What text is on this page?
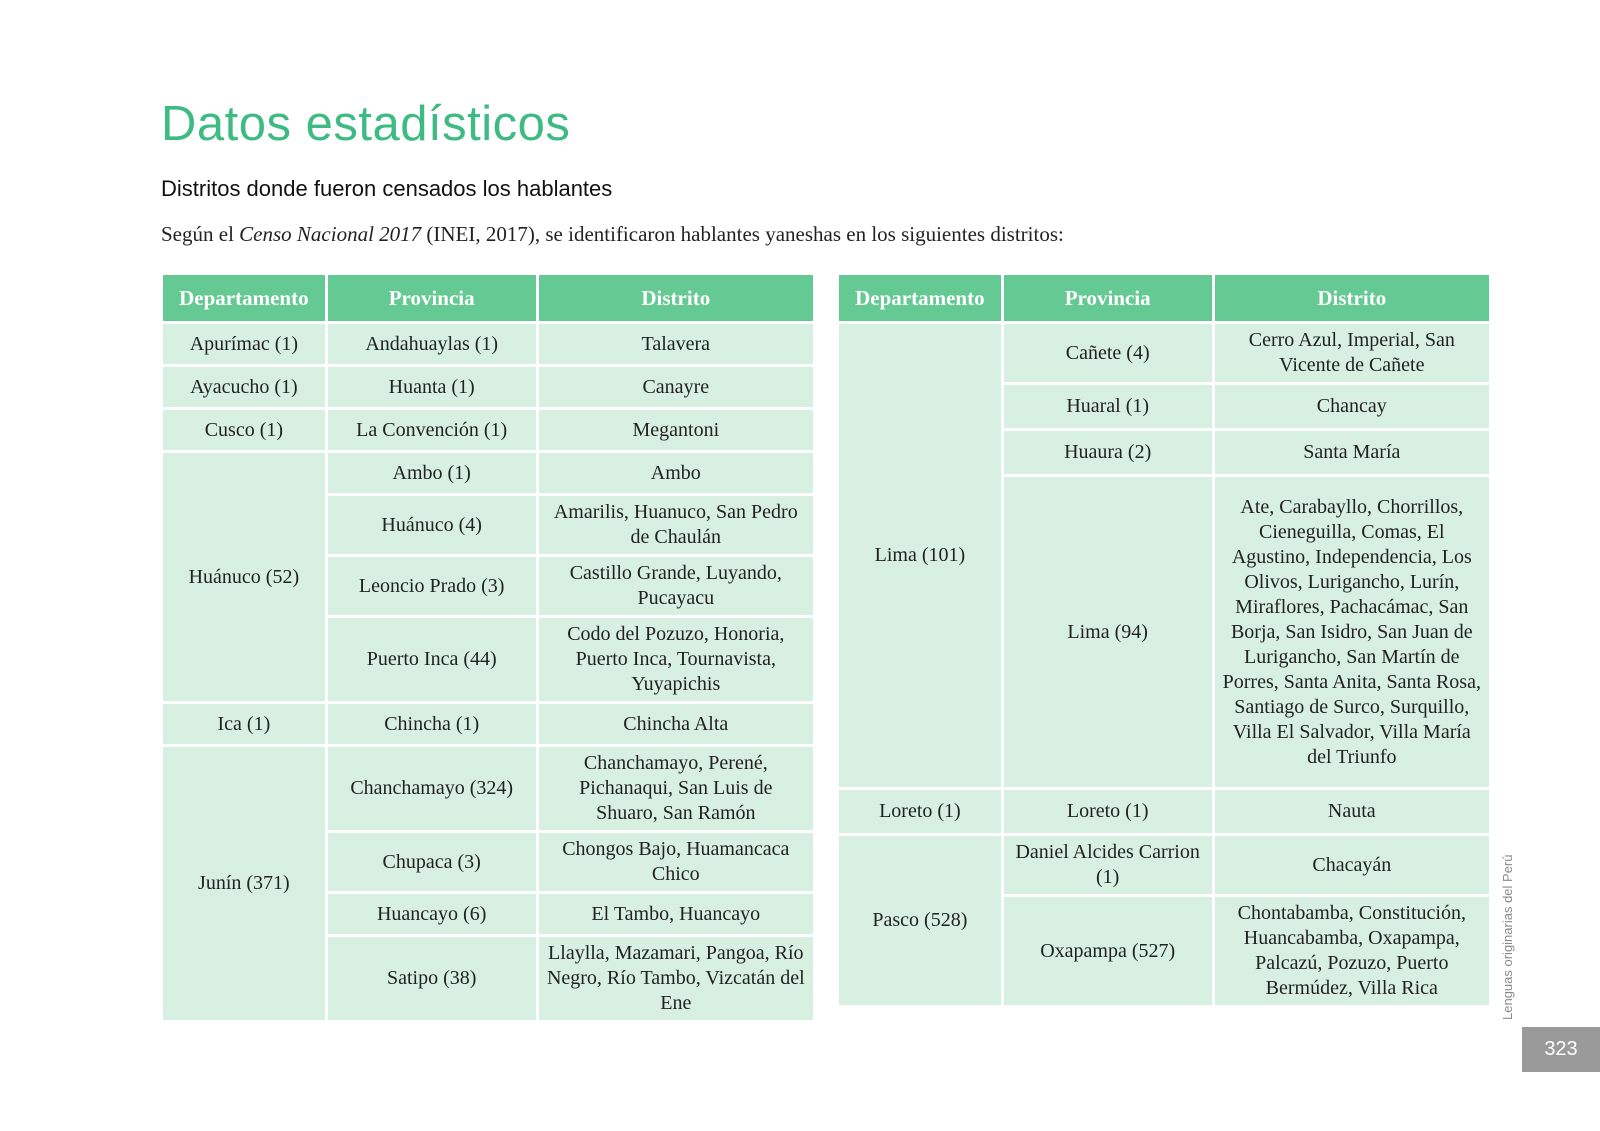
Datos estadísticos
Distritos donde fueron censados los hablantes

Según el Censo Nacional 2017 (INEI, 2017), se identificaron hablantes yaneshas en los siguientes distritos:

Departamento	Provincia	Distrito
Apurímac (1)	Andahuaylas (1)	Talavera
Ayacucho (1)	Huanta (1)	Canayre
Cusco (1)	La Convención (1)	Megantoni
Huánuco (52)	Ambo (1)	Ambo
	Huánuco (4)	Amarilis, Huanuco, San Pedro de Chaulán
	Leoncio Prado (3)	Castillo Grande, Luyando, Pucayacu
	Puerto Inca (44)	Codo del Pozuzo, Honoria, Puerto Inca, Tournavista, Yuyapichis
Ica (1)	Chincha (1)	Chincha Alta
Junín (371)	Chanchamayo (324)	Chanchamayo, Perené, Pichanaqui, San Luis de Shuaro, San Ramón
	Chupaca (3)	Chongos Bajo, Huamancaca Chico
	Huancayo (6)	El Tambo, Huancayo
	Satipo (38)	Llaylla, Mazamari, Pangoa, Río Negro, Río Tambo, Vizcatán del Ene
Departamento	Provincia	Distrito
Lima (101)	Cañete (4)	Cerro Azul, Imperial, San Vicente de Cañete
	Huaral (1)	Chancay
	Huaura (2)	Santa María
	Lima (94)	Ate, Carabayllo, Chorrillos, Cieneguilla, Comas, El Agustino, Independencia, Los Olivos, Lurigancho, Lurín, Miraflores, Pachacámac, San Borja, San Isidro, San Juan de Lurigancho, San Martín de Porres, Santa Anita, Santa Rosa, Santiago de Surco, Surquillo, Villa El Salvador, Villa María del Triunfo
Loreto (1)	Loreto (1)	Nauta
Pasco (528)	Daniel Alcides Carrion (1)	Chacayán
	Oxapampa (527)	Chontabamba, Constitución, Huancabamba, Oxapampa, Palcazú, Pozuzo, Puerto Bermúdez, Villa Rica	Lenguas originarias del Perú
323
